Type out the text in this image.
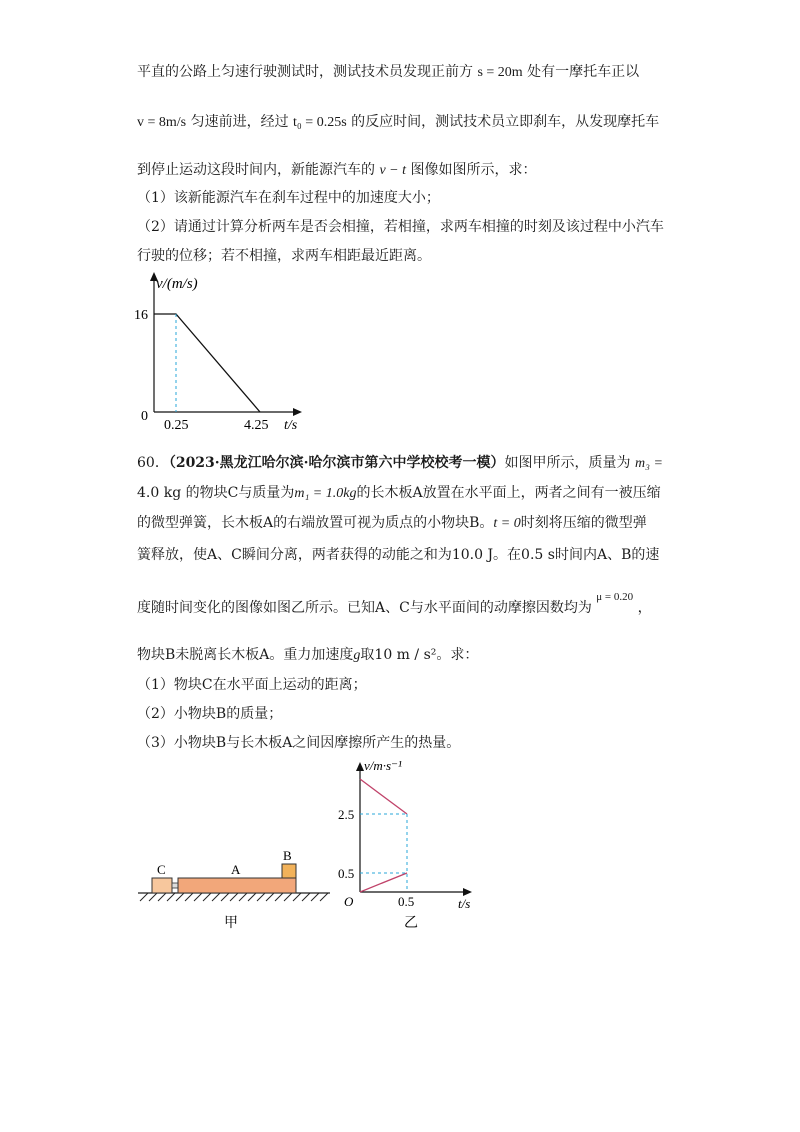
平直的公路上匀速行驶测试时，测试技术员发现正前方 s = 20m 处有一摩托车正以
v = 8m/s 匀速前进，经过 t₀ = 0.25s 的反应时间，测试技术员立即刹车，从发现摩托车
到停止运动这段时间内，新能源汽车的 v − t 图像如图所示，求：
（1）该新能源汽车在刹车过程中的加速度大小；
（2）请通过计算分析两车是否会相撞，若相撞，求两车相撞的时刻及该过程中小汽车
行驶的位移；若不相撞，求两车相距最近距离。
v/(m/s)
16
0
0.25	4.25 t/s
60．（2023·黑龙江哈尔滨·哈尔滨市第六中学校校考一模）如图甲所示，质量为 m₃ =
4.0 kg 的物块C与质量为m₁ = 1.0kg的长木板A放置在水平面上，两者之间有一被压缩
的微型弹簧，长木板A的右端放置可视为质点的小物块B。t = 0时刻将压缩的微型弹
簧释放，使A、C瞬间分离，两者获得的动能之和为10.0 J。在0.5 s时间内A、B的速
度随时间变化的图像如图乙所示。已知A、C与水平面间的动摩擦因数均为 $^{\mu = 0.20}$ ，
物块B未脱离长木板A。重力加速度g取10 m / s²。求：
（1）物块C在水平面上运动的距离；
（2）小物块B的质量；
（3）小物块B与长木板A之间因摩擦所产生的热量。
C	A
B
甲
v/m·s⁻¹
2.5
0.5
O	0.5	t/s
乙
